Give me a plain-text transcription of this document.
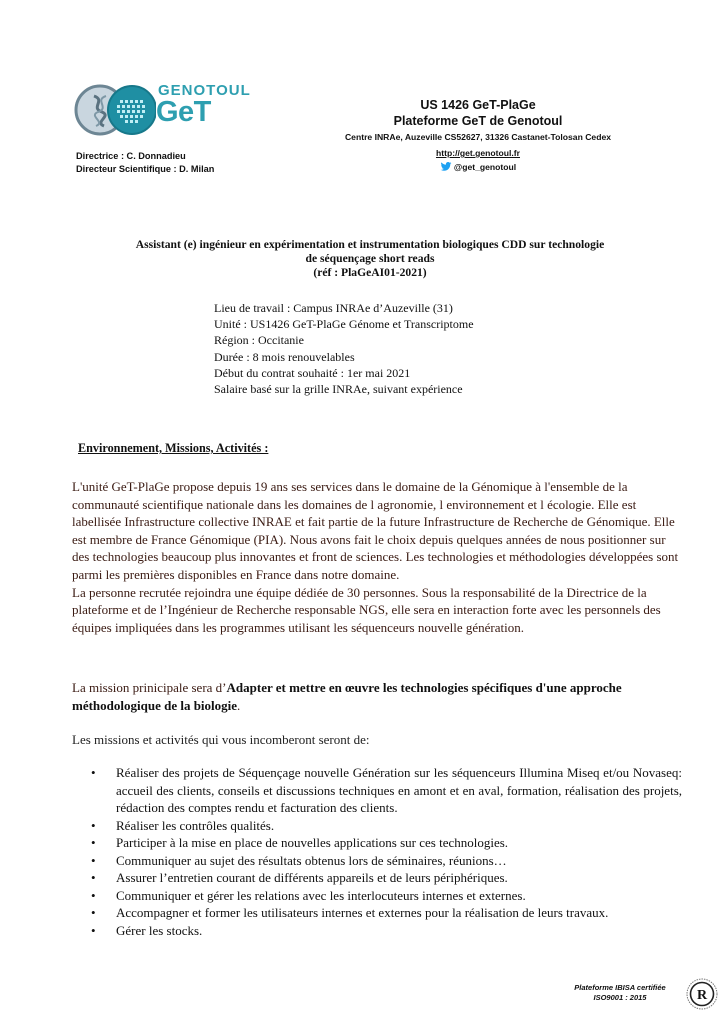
GENOTOUL
GeT
Directrice : C. Donnadieu
Directeur Scientifique : D. Milan
US 1426 GeT-PlaGe
Plateforme GeT de Genotoul
Centre INRAe, Auzeville CS52627, 31326 Castanet-Tolosan Cedex
http://get.genotoul.fr
@get_genotoul
Assistant (e) ingénieur en expérimentation et instrumentation biologiques CDD sur technologie
de séquençage short reads
(réf : PlaGeAI01-2021)
Lieu de travail : Campus INRAe d’Auzeville (31)
Unité : US1426 GeT-PlaGe Génome et Transcriptome
Région : Occitanie
Durée : 8 mois renouvelables
Début du contrat souhaité : 1er mai 2021
Salaire basé sur la grille INRAe, suivant expérience
Environnement, Missions, Activités :
L'unité GeT-PlaGe propose depuis 19 ans ses services dans le domaine de la Génomique à l'ensemble de la communauté scientifique nationale dans les domaines de l agronomie, l environnement et l écologie. Elle est labellisée Infrastructure collective INRAE et fait partie de la future Infrastructure de Recherche de Génomique. Elle est membre de France Génomique (PIA). Nous avons fait le choix depuis quelques années de nous positionner sur des technologies beaucoup plus innovantes et front de sciences. Les technologies et méthodologies développées sont parmi les premières disponibles en France dans notre domaine.
La personne recrutée rejoindra une équipe dédiée de 30 personnes. Sous la responsabilité de la Directrice de la plateforme et de l’Ingénieur de Recherche responsable NGS, elle sera en interaction forte avec les personnels des équipes impliquées dans les programmes utilisant les séquenceurs nouvelle génération.
La mission prinicipale sera d’Adapter et mettre en œuvre les technologies spécifiques d'une approche méthodologique de la biologie.
Les missions et activités qui vous incomberont seront de:
• Réaliser des projets de Séquençage nouvelle Génération sur les séquenceurs Illumina Miseq et/ou Novaseq: accueil des clients, conseils et discussions techniques en amont et en aval, formation, réalisation des projets, rédaction des comptes rendu et facturation des clients.
• Réaliser les contrôles qualités.
• Participer à la mise en place de nouvelles applications sur ces technologies.
• Communiquer au sujet des résultats obtenus lors de séminaires, réunions…
• Assurer l’entretien courant de différents appareils et de leurs périphériques.
• Communiquer et gérer les relations avec les interlocuteurs internes et externes.
• Accompagner et former les utilisateurs internes et externes pour la réalisation de leurs travaux.
• Gérer les stocks.
Plateforme IBISA certifiée
ISO9001 : 2015	R
